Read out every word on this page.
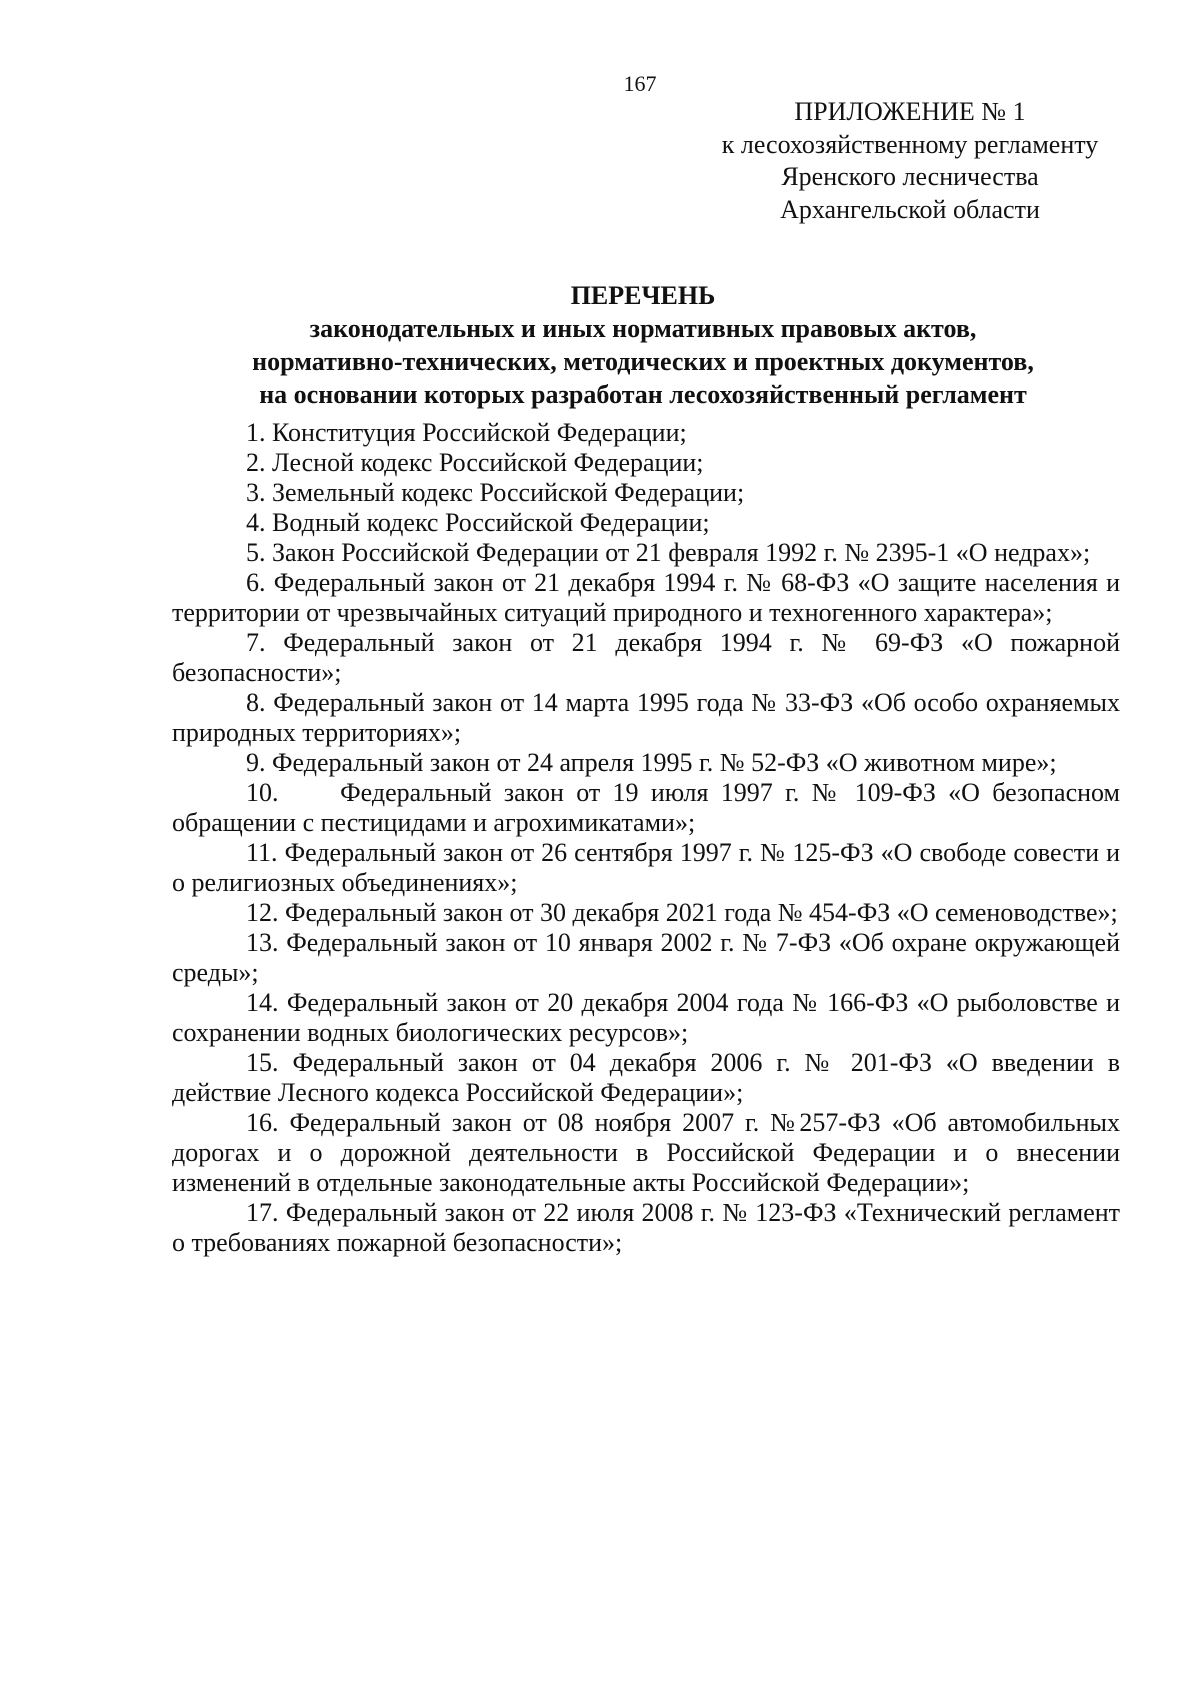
167
ПРИЛОЖЕНИЕ № 1
к лесохозяйственному регламенту
Яренского лесничества
Архангельской области
ПЕРЕЧЕНЬ
законодательных и иных нормативных правовых актов,
нормативно-технических, методических и проектных документов,
на основании которых разработан лесохозяйственный регламент

1. Конституция Российской Федерации;

2. Лесной кодекс Российской Федерации;

3. Земельный кодекс Российской Федерации;

4. Водный кодекс Российской Федерации;

5. Закон Российской Федерации от 21 февраля 1992 г. № 2395-1 «О недрах»;

6. Федеральный закон от 21 декабря 1994 г. № 68-ФЗ «О защите населения и территории от чрезвычайных ситуаций природного и техногенного характера»;

7. Федеральный закон от 21 декабря 1994 г. № 69-ФЗ «О пожарной безопасности»;

8. Федеральный закон от 14 марта 1995 года № 33-ФЗ «Об особо охраняемых природных территориях»;

9. Федеральный закон от 24 апреля 1995 г. № 52-ФЗ «О животном мире»;

10.     Федеральный закон от 19 июля 1997 г. № 109-ФЗ «О безопасном обращении с пестицидами и агрохимикатами»;

11. Федеральный закон от 26 сентября 1997 г. № 125-ФЗ «О свободе совести и о религиозных объединениях»;

12. Федеральный закон от 30 декабря 2021 года № 454-ФЗ «О семеноводстве»;

13. Федеральный закон от 10 января 2002 г. № 7-ФЗ «Об охране окружающей среды»;

14. Федеральный закон от 20 декабря 2004 года № 166-ФЗ «О рыболовстве и сохранении водных биологических ресурсов»;

15. Федеральный закон от 04 декабря 2006 г. № 201-ФЗ «О введении в действие Лесного кодекса Российской Федерации»;

16. Федеральный закон от 08 ноября 2007 г. №257-ФЗ «Об автомобильных дорогах и о дорожной деятельности в Российской Федерации и о внесении изменений в отдельные законодательные акты Российской Федерации»;

17. Федеральный закон от 22 июля 2008 г. № 123-ФЗ «Технический регламент о требованиях пожарной безопасности»;
